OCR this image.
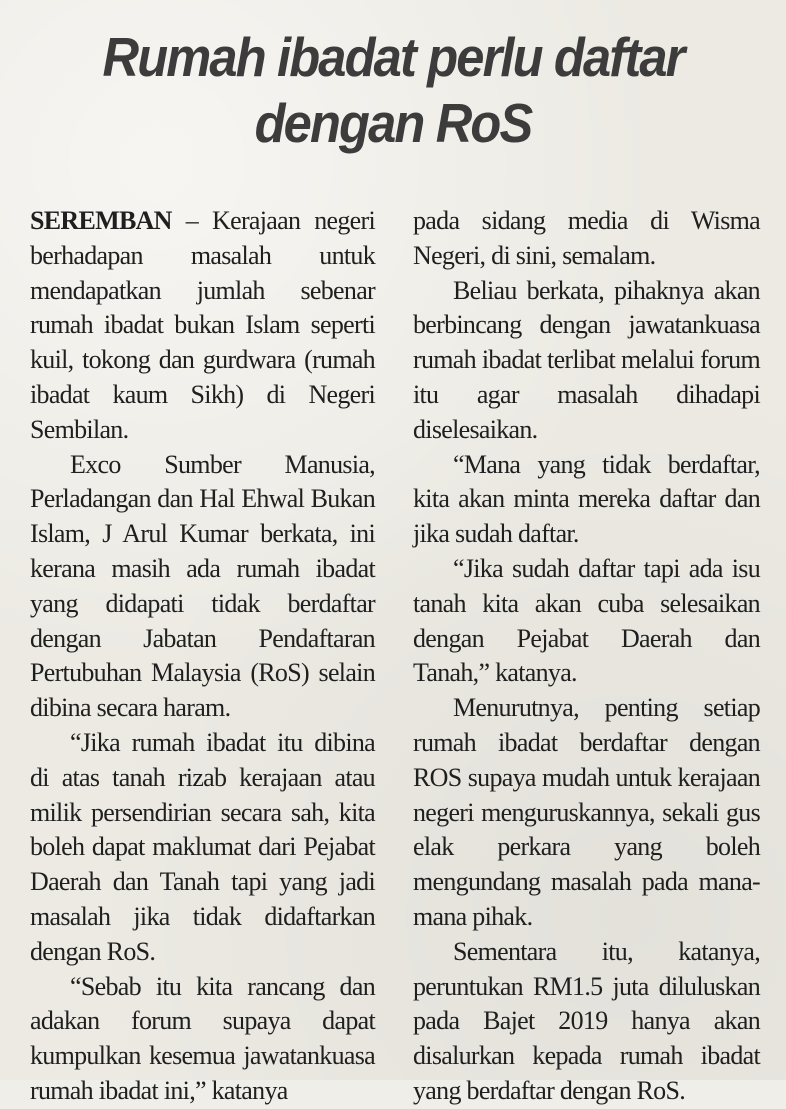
Rumah ibadat perlu daftar
dengan RoS

SEREMBAN – Kerajaan negeri berhadapan masalah untuk mendapatkan jumlah sebenar rumah ibadat bukan Islam seperti kuil, tokong dan gurdwara (rumah ibadat kaum Sikh) di Negeri Sembilan.

Exco Sumber Manusia, Perladangan dan Hal Ehwal Bukan Islam, J Arul Kumar berkata, ini kerana masih ada rumah ibadat yang didapati tidak berdaftar dengan Jabatan Pendaftaran Pertubuhan Malaysia (RoS) selain dibina secara haram.

“Jika rumah ibadat itu dibina di atas tanah rizab kerajaan atau milik persendirian secara sah, kita boleh dapat maklumat dari Pejabat Daerah dan Tanah tapi yang jadi masalah jika tidak didaftarkan dengan RoS.

“Sebab itu kita rancang dan adakan forum supaya dapat kumpulkan kesemua jawatankuasa rumah ibadat ini,” katanya

pada sidang media di Wisma Negeri, di sini, semalam.

Beliau berkata, pihaknya akan berbincang dengan jawatankuasa rumah ibadat terlibat melalui forum itu agar masalah dihadapi diselesaikan.

“Mana yang tidak berdaftar, kita akan minta mereka daftar dan jika sudah daftar.

“Jika sudah daftar tapi ada isu tanah kita akan cuba selesaikan dengan Pejabat Daerah dan Tanah,” katanya.

Menurutnya, penting setiap rumah ibadat berdaftar dengan ROS supaya mudah untuk kerajaan negeri menguruskannya, sekali gus elak perkara yang boleh mengundang masalah pada mana-mana pihak.

Sementara itu, katanya, peruntukan RM1.5 juta diluluskan pada Bajet 2019 hanya akan disalurkan kepada rumah ibadat yang berdaftar dengan RoS.
